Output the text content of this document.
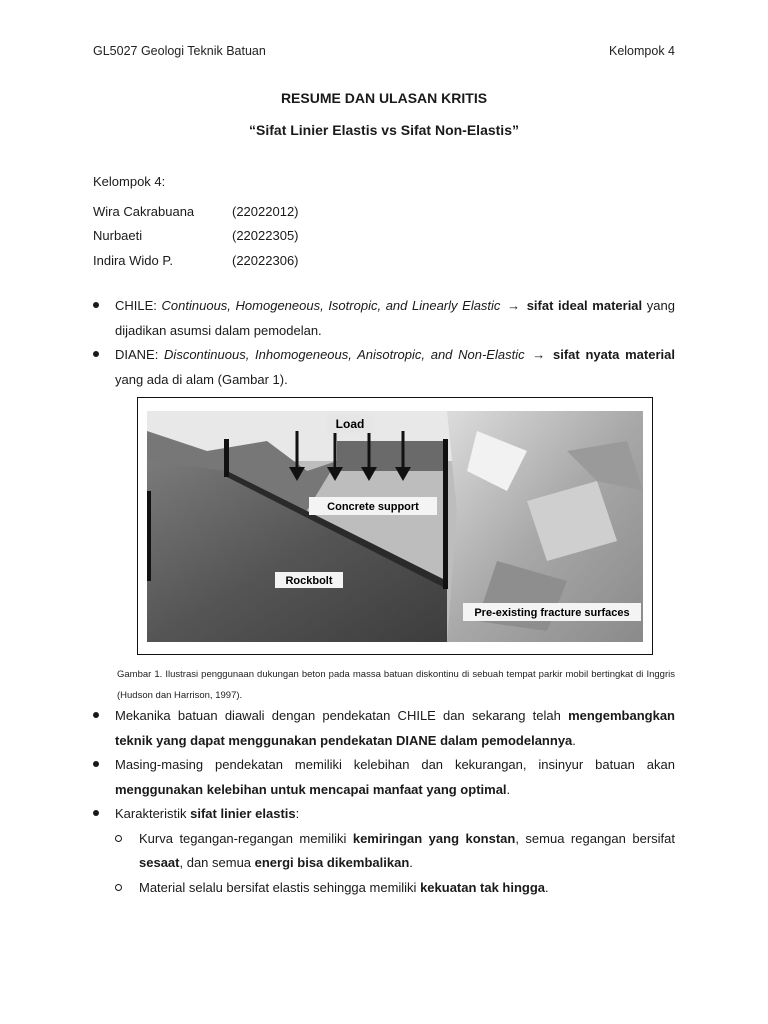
GL5027 Geologi Teknik Batuan	Kelompok 4
RESUME DAN ULASAN KRITIS
“Sifat Linier Elastis vs Sifat Non-Elastis”
Kelompok 4:
Wira Cakrabuana	(22022012)
Nurbaeti	(22022305)
Indira Wido P.	(22022306)
CHILE: Continuous, Homogeneous, Isotropic, and Linearly Elastic → sifat ideal material yang dijadikan asumsi dalam pemodelan.
DIANE: Discontinuous, Inhomogeneous, Anisotropic, and Non-Elastic → sifat nyata material yang ada di alam (Gambar 1).
Load
Concrete support
Rockbolt
Pre-existing fracture surfaces
Gambar 1. Ilustrasi penggunaan dukungan beton pada massa batuan diskontinu di sebuah tempat parkir mobil bertingkat di Inggris (Hudson dan Harrison, 1997).
Mekanika batuan diawali dengan pendekatan CHILE dan sekarang telah mengembangkan teknik yang dapat menggunakan pendekatan DIANE dalam pemodelannya.
Masing-masing pendekatan memiliki kelebihan dan kekurangan, insinyur batuan akan menggunakan kelebihan untuk mencapai manfaat yang optimal.
Karakteristik sifat linier elastis:
Kurva tegangan-regangan memiliki kemiringan yang konstan, semua regangan bersifat sesaat, dan semua energi bisa dikembalikan.
Material selalu bersifat elastis sehingga memiliki kekuatan tak hingga.
